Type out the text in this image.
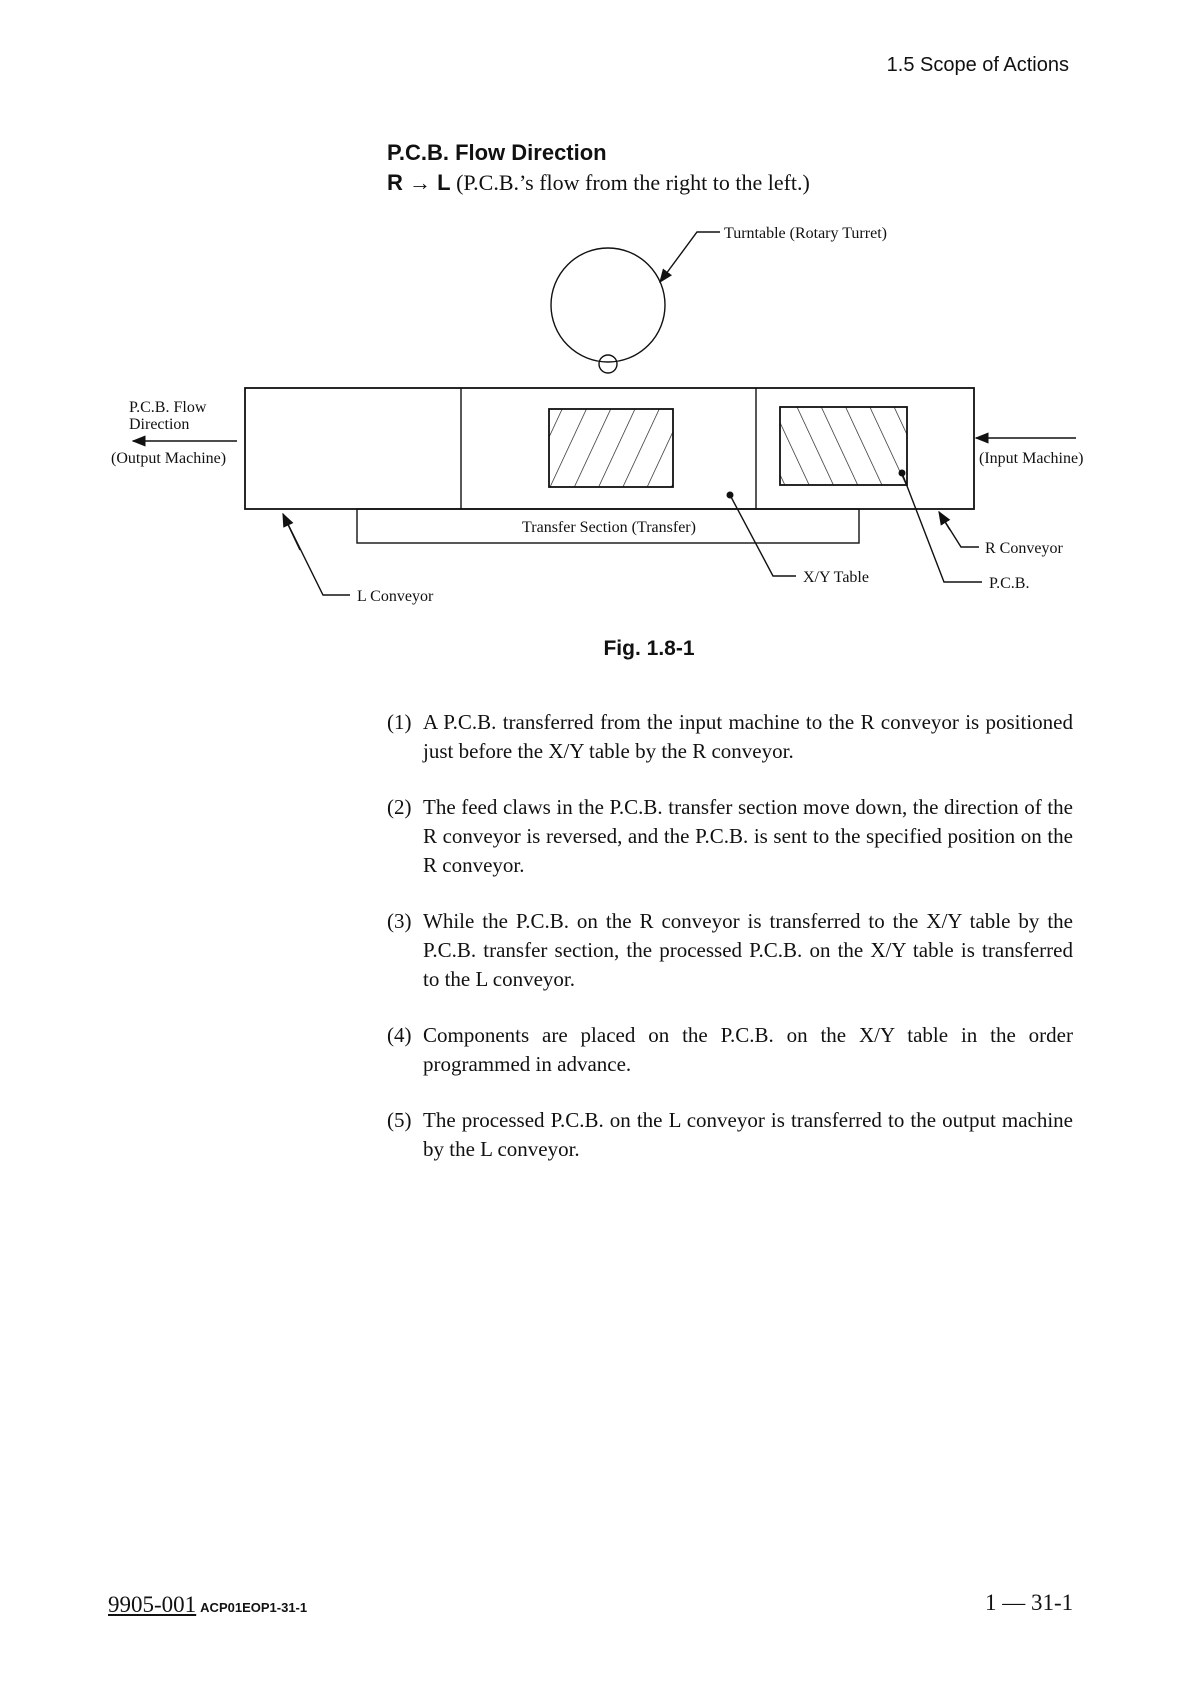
1.5 Scope of Actions
P.C.B. Flow Direction
R → L (P.C.B.’s flow from the right to the left.)
Turntable (Rotary Turret)
P.C.B. Flow
Direction
(Output Machine)	(Input Machine)
Transfer Section (Transfer)
L Conveyor
X/Y Table
R Conveyor
P.C.B.
Fig. 1.8-1
(1) A P.C.B. transferred from the input machine to the R conveyor is positioned just before the X/Y table by the R conveyor.
(2) The feed claws in the P.C.B. transfer section move down, the direction of the R conveyor is reversed, and the P.C.B. is sent to the specified position on the R conveyor.
(3) While the P.C.B. on the R conveyor is transferred to the X/Y table by the P.C.B. transfer section, the processed P.C.B. on the X/Y table is transferred to the L conveyor.
(4) Components are placed on the P.C.B. on the X/Y table in the order programmed in advance.
(5) The processed P.C.B. on the L conveyor is transferred to the output machine by the L conveyor.
9905-001 ACP01EOP1-31-1	1 — 31-1
